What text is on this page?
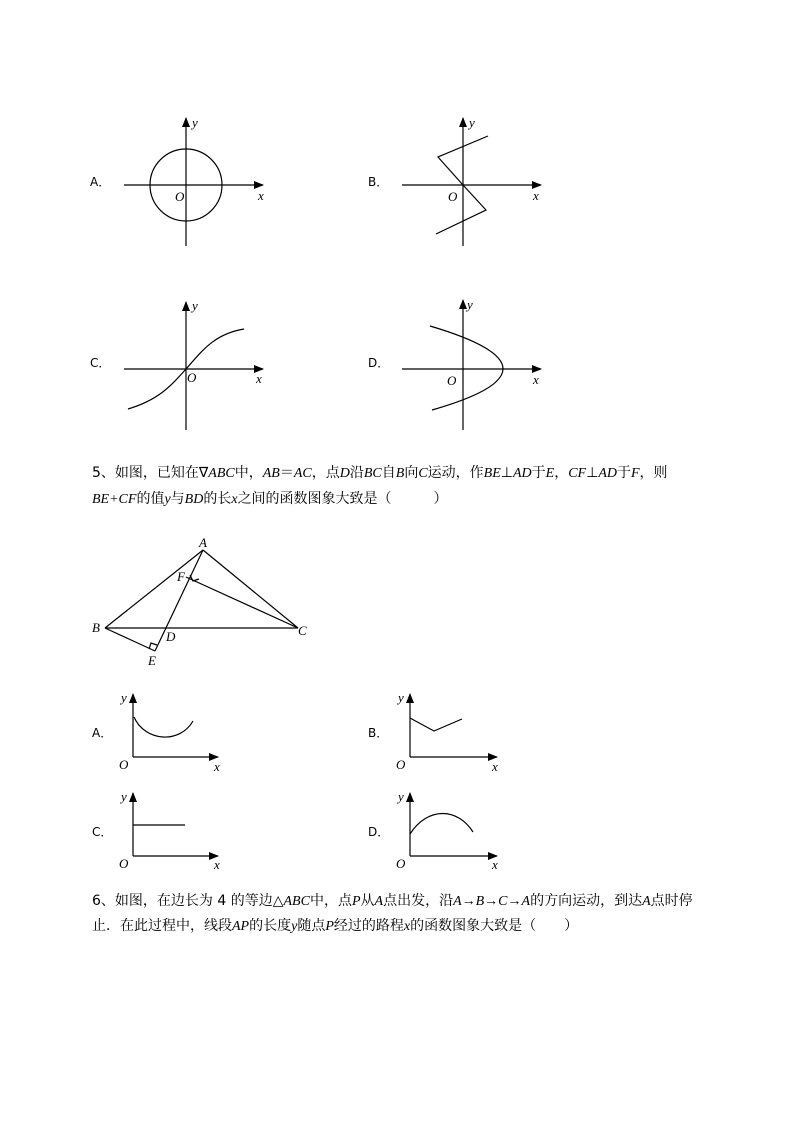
A．
y
x
O
B．
y
x
O
C．
y
x
O
D．
y
x
O
A
B	C
D
E
F
A．
y
x
O
B．
y
x
O
C．
y
x
O
D．
y
x
O
5、如图，已知在∇ABC中，AB＝AC，点D沿BC自B向C运动，作BE⊥AD于E，CF⊥AD于F，则
BE+CF的值y与BD的长x之间的函数图象大致是（　　　）
6、如图，在边长为 4 的等边△ABC中，点P从A点出发，沿A→B→C→A的方向运动，到达A点时停
止．在此过程中，线段AP的长度y随点P经过的路程x的函数图象大致是（　　）
